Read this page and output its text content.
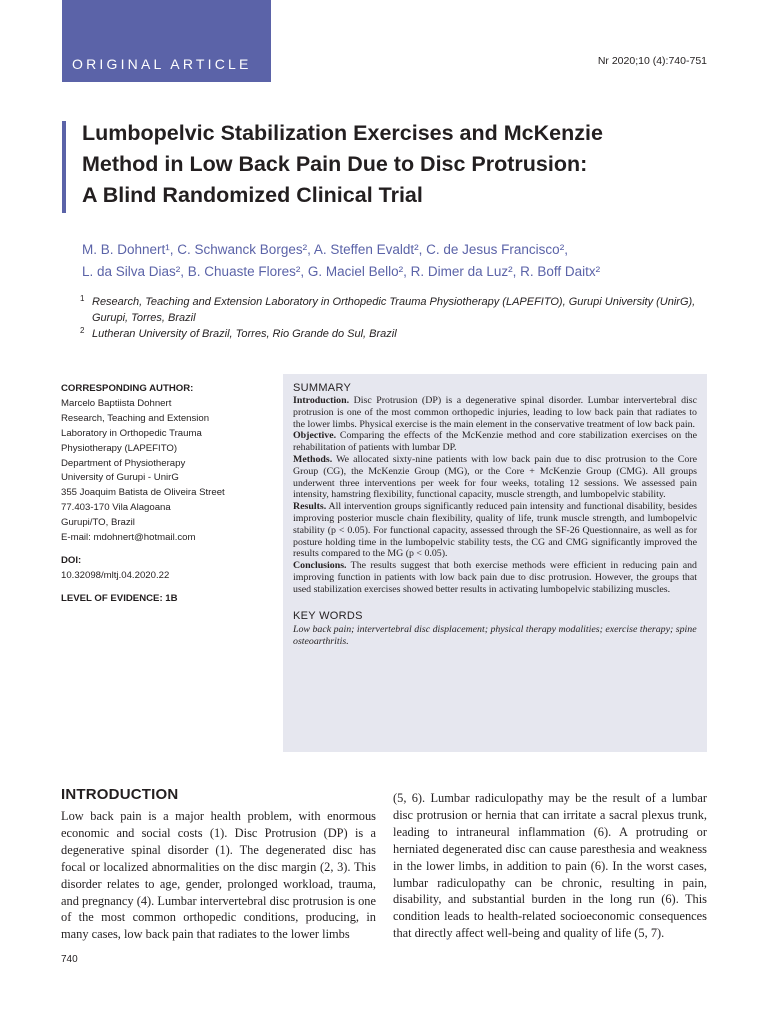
ORIGINAL ARTICLE	Nr 2020;10 (4):740-751
Lumbopelvic Stabilization Exercises and McKenzie
Method in Low Back Pain Due to Disc Protrusion:
A Blind Randomized Clinical Trial
M. B. Dohnert¹, C. Schwanck Borges², A. Steffen Evaldt², C. de Jesus Francisco²,
L. da Silva Dias², B. Chuaste Flores², G. Maciel Bello², R. Dimer da Luz², R. Boff Daitx²
1 Research, Teaching and Extension Laboratory in Orthopedic Trauma Physiotherapy (LAPEFITO), Gurupi University (UnirG), Gurupi, Torres, Brazil
2 Lutheran University of Brazil, Torres, Rio Grande do Sul, Brazil
CORRESPONDING AUTHOR:
Marcelo Baptiista Dohnert
Research, Teaching and Extension
Laboratory in Orthopedic Trauma
Physiotherapy (LAPEFITO)
Department of Physiotherapy
University of Gurupi - UnirG
355 Joaquim Batista de Oliveira Street
77.403-170 Vila Alagoana
Gurupi/TO, Brazil
E-mail: mdohnert@hotmail.com
DOI:
10.32098/mltj.04.2020.22
LEVEL OF EVIDENCE: 1B
SUMMARY
Introduction. Disc Protrusion (DP) is a degenerative spinal disorder. Lumbar intervertebral disc protrusion is one of the most common orthopedic injuries, leading to low back pain that radiates to the lower limbs. Physical exercise is the main element in the conservative treatment of low back pain.
Objective. Comparing the effects of the McKenzie method and core stabilization exercises on the rehabilitation of patients with lumbar DP.
Methods. We allocated sixty-nine patients with low back pain due to disc protrusion to the Core Group (CG), the McKenzie Group (MG), or the Core + McKenzie Group (CMG). All groups underwent three interventions per week for four weeks, totaling 12 sessions. We assessed pain intensity, hamstring flexibility, functional capacity, muscle strength, and lumbopelvic stability.
Results. All intervention groups significantly reduced pain intensity and functional disability, besides improving posterior muscle chain flexibility, quality of life, trunk muscle strength, and lumbopelvic stability (p < 0.05). For functional capacity, assessed through the SF-26 Questionnaire, as well as for posture holding time in the lumbopelvic stability tests, the CG and CMG significantly improved the results compared to the MG (p < 0.05).
Conclusions. The results suggest that both exercise methods were efficient in reducing pain and improving function in patients with low back pain due to disc protrusion. However, the groups that used stabilization exercises showed better results in activating lumbopelvic stabilizing muscles.
KEY WORDS
Low back pain; intervertebral disc displacement; physical therapy modalities; exercise therapy; spine osteoarthritis.
INTRODUCTION
Low back pain is a major health problem, with enormous economic and social costs (1). Disc Protrusion (DP) is a degenerative spinal disorder (1). The degenerated disc has focal or localized abnormalities on the disc margin (2, 3). This disorder relates to age, gender, prolonged workload, trauma, and pregnancy (4). Lumbar intervertebral disc protrusion is one of the most common orthopedic conditions, producing, in many cases, low back pain that radiates to the lower limbs
(5, 6). Lumbar radiculopathy may be the result of a lumbar disc protrusion or hernia that can irritate a sacral plexus trunk, leading to intraneural inflammation (6). A protruding or herniated degenerated disc can cause paresthesia and weakness in the lower limbs, in addition to pain (6). In the worst cases, lumbar radiculopathy can be chronic, resulting in pain, disability, and substantial burden in the long run (6). This condition leads to health-related socioeconomic consequences that directly affect well-being and quality of life (5, 7).
740
